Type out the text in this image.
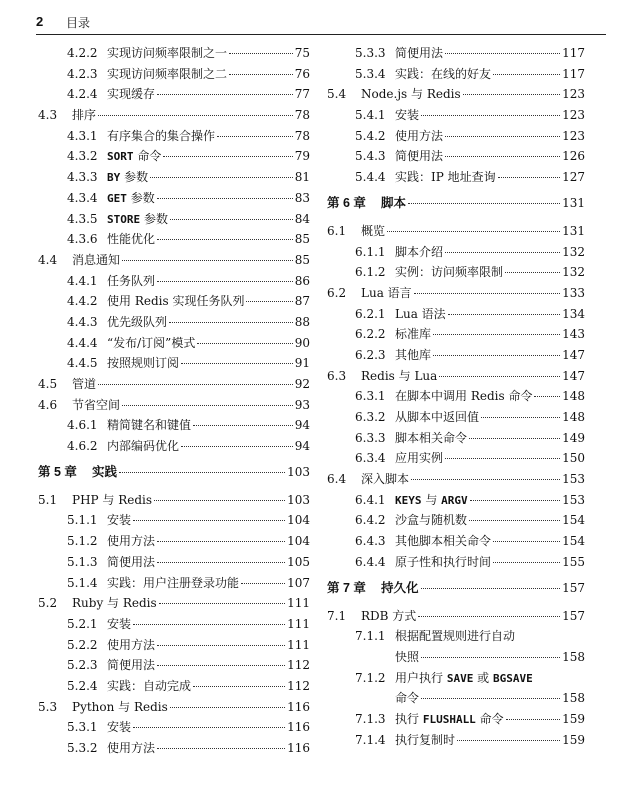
2 目录
4.2.2 实现访问频率限制之一	75
4.2.3 实现访问频率限制之二	76
4.2.4 实现缓存	77
4.3	排序	78
4.3.1 有序集合的集合操作	78
4.3.2 SORT 命令	79
4.3.3 BY 参数	81
4.3.4 GET 参数	83
4.3.5 STORE 参数	84
4.3.6 性能优化	85
4.4	消息通知	85
4.4.1 任务队列	86
4.4.2 使用 Redis 实现任务队列	87
4.4.3 优先级队列	88
4.4.4 “发布/订阅”模式	90
4.4.5 按照规则订阅	91
4.5	管道	92
4.6	节省空间	93
4.6.1 精简键名和键值	94
4.6.2 内部编码优化	94
第 5 章	实践	103
5.1	PHP 与 Redis	103
5.1.1 安装	104
5.1.2 使用方法	104
5.1.3 简便用法	105
5.1.4 实践：用户注册登录功能	107
5.2	Ruby 与 Redis	111
5.2.1 安装	111
5.2.2 使用方法	111
5.2.3 简便用法	112
5.2.4 实践：自动完成	112
5.3	Python 与 Redis	116
5.3.1 安装	116
5.3.2 使用方法	116
5.3.3 简便用法	117
5.3.4 实践：在线的好友	117
5.4	Node.js 与 Redis	123
5.4.1 安装	123
5.4.2 使用方法	123
5.4.3 简便用法	126
5.4.4 实践：IP 地址查询	127
第 6 章	脚本	131
6.1	概览	131
6.1.1 脚本介绍	132
6.1.2 实例：访问频率限制	132
6.2	Lua 语言	133
6.2.1 Lua 语法	134
6.2.2 标准库	143
6.2.3 其他库	147
6.3	Redis 与 Lua	147
6.3.1 在脚本中调用 Redis 命令 148
6.3.2 从脚本中返回值	148
6.3.3 脚本相关命令	149
6.3.4 应用实例	150
6.4	深入脚本	153
6.4.1 KEYS 与 ARGV	153
6.4.2 沙盒与随机数	154
6.4.3 其他脚本相关命令	154
6.4.4 原子性和执行时间	155
第 7 章	持久化	157
7.1	RDB 方式	157
7.1.1 根据配置规则进行自动
快照	158
7.1.2 用户执行 SAVE 或 BGSAVE
命令	158
7.1.3 执行 FLUSHALL 命令	159
7.1.4 执行复制时	159
